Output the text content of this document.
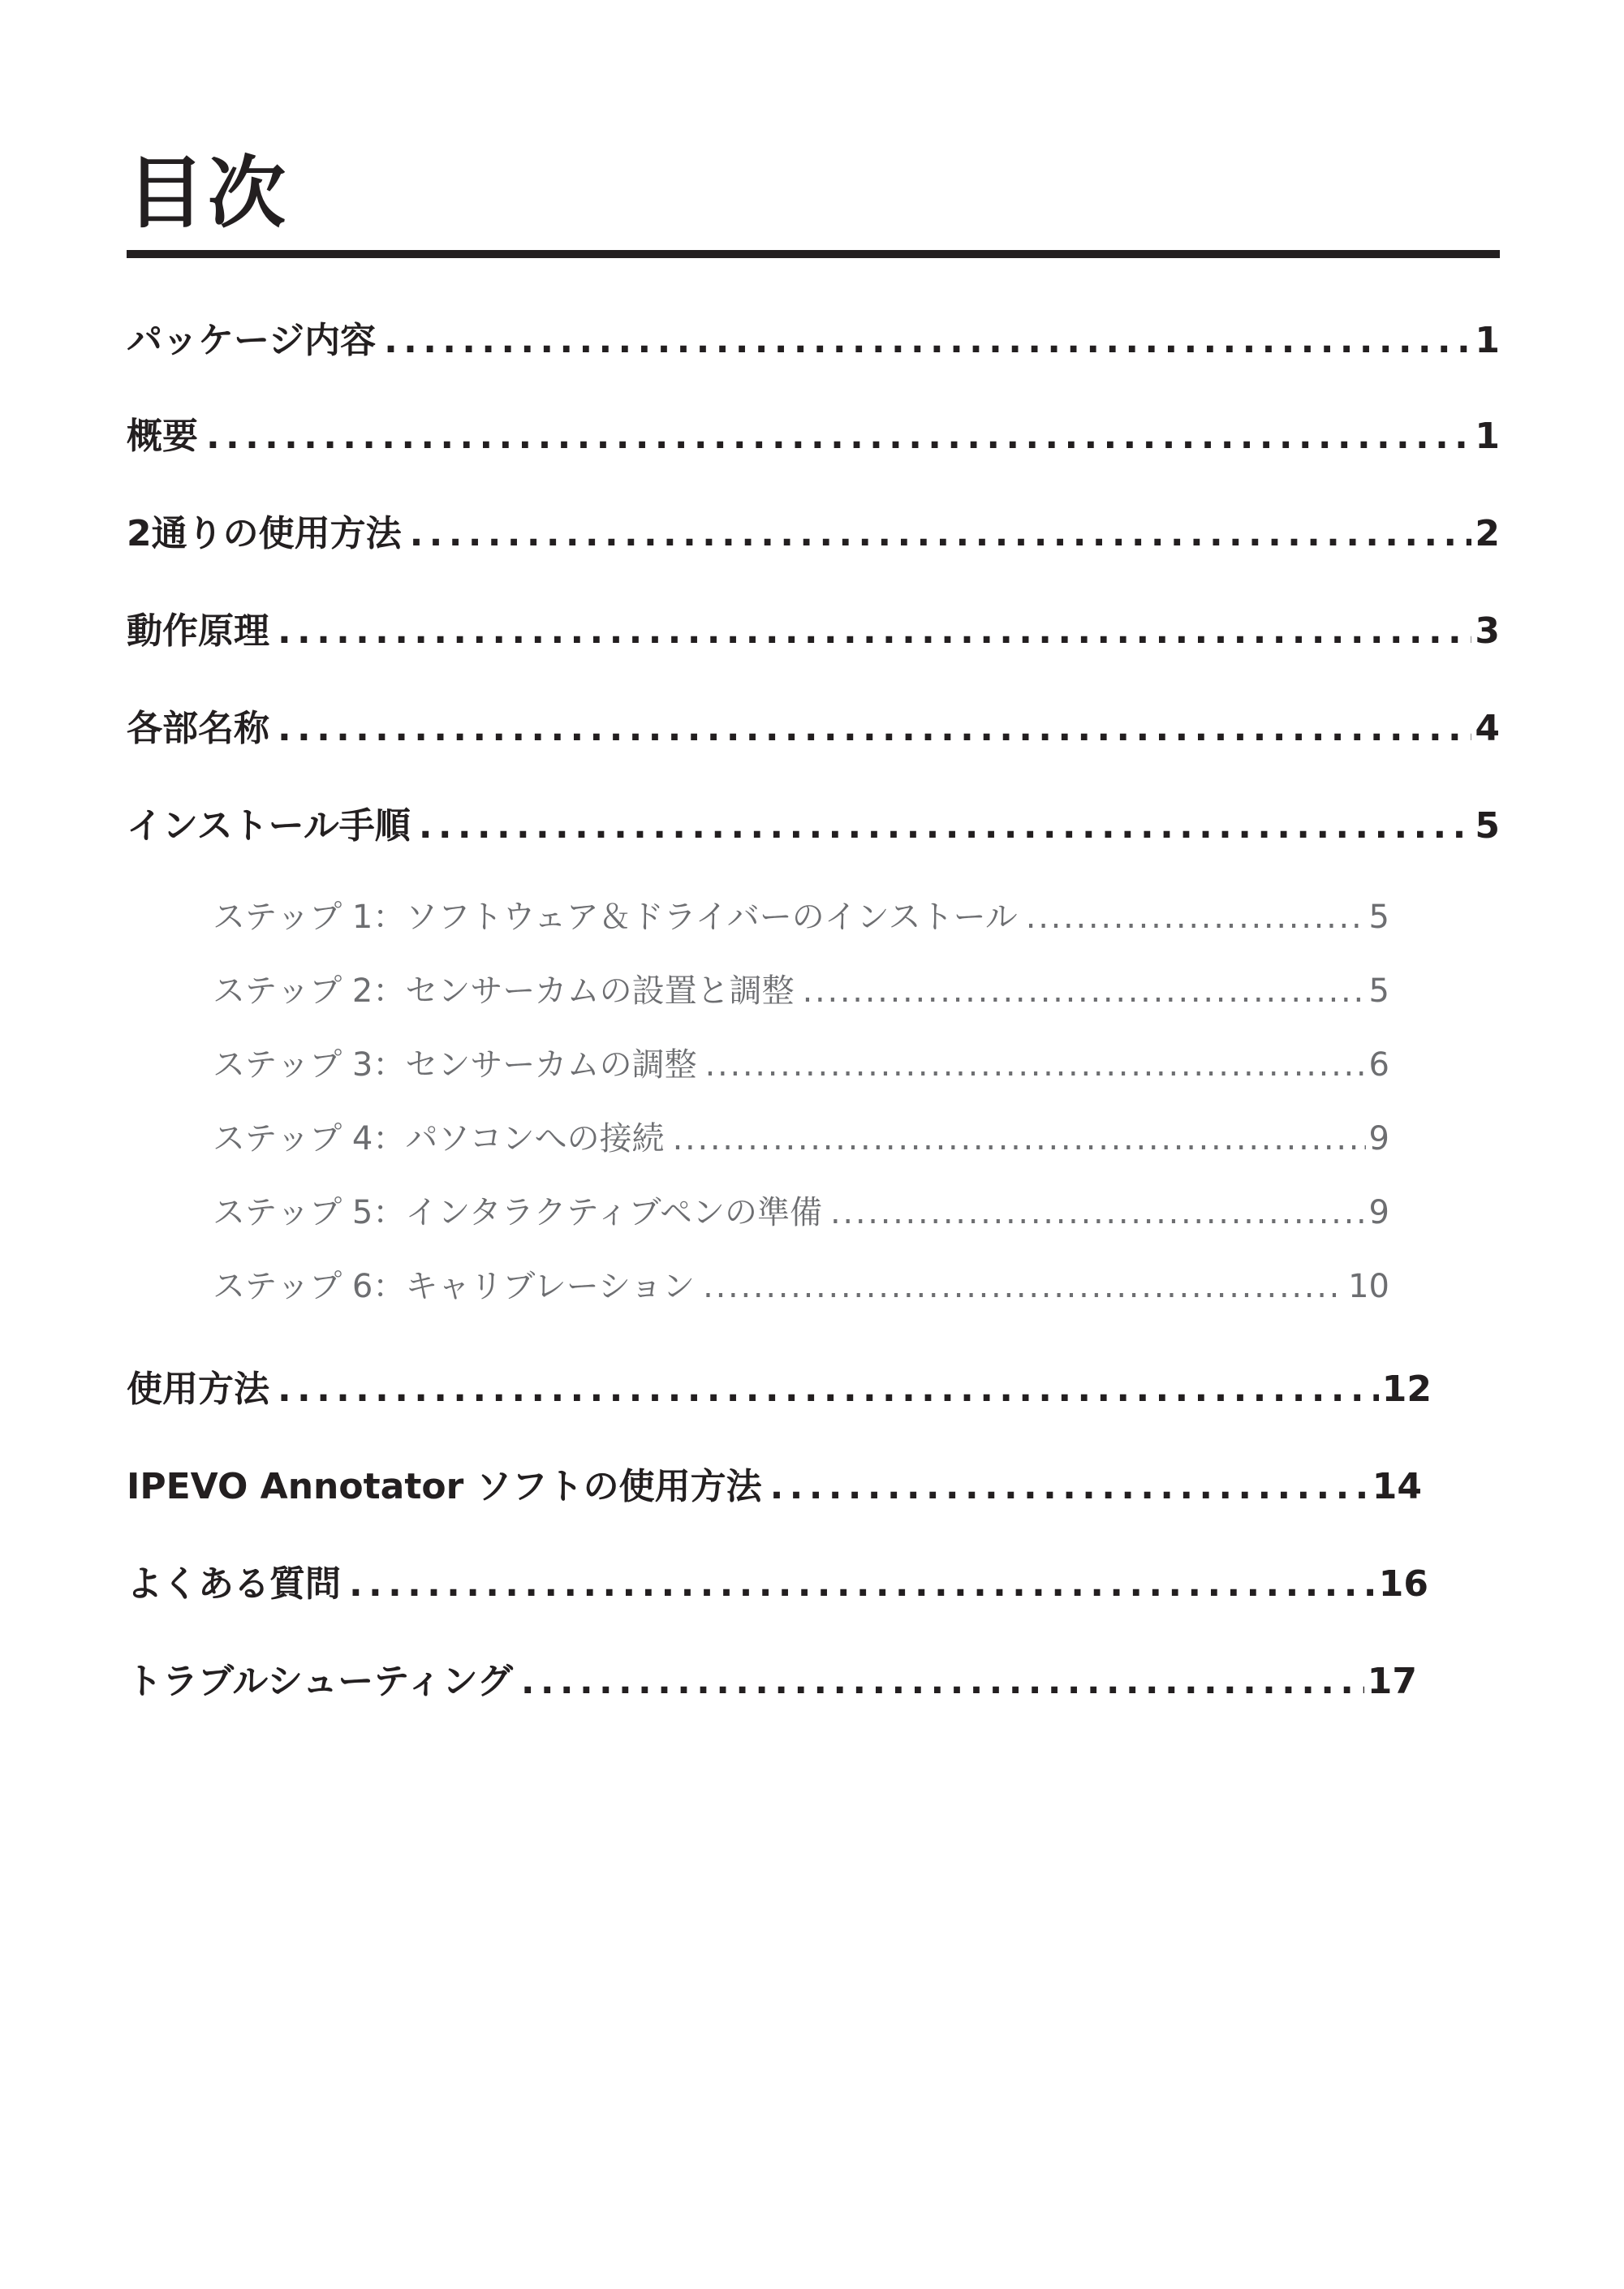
目次
パッケージ内容 . . .	1
概要 . . .	1
2通りの使用方法 . . .	2
動作原理 . . .	3
各部名称 . . .	4
インストール手順 . . .	5
ステップ 1：ソフトウェア＆ドライバーのインストール . . .	5
ステップ 2：センサーカムの設置と調整 . . .	5
ステップ 3：センサーカムの調整 . . .	6
ステップ 4：パソコンへの接続 . . .	9
ステップ 5：インタラクティブペンの準備 . . .	9
ステップ 6：キャリブレーション . . .	10
使用方法 . . .	12
IPEVO Annotator ソフトの使用方法 . . .	14
よくある質問 . . .	16
トラブルシューティング . . .	17
